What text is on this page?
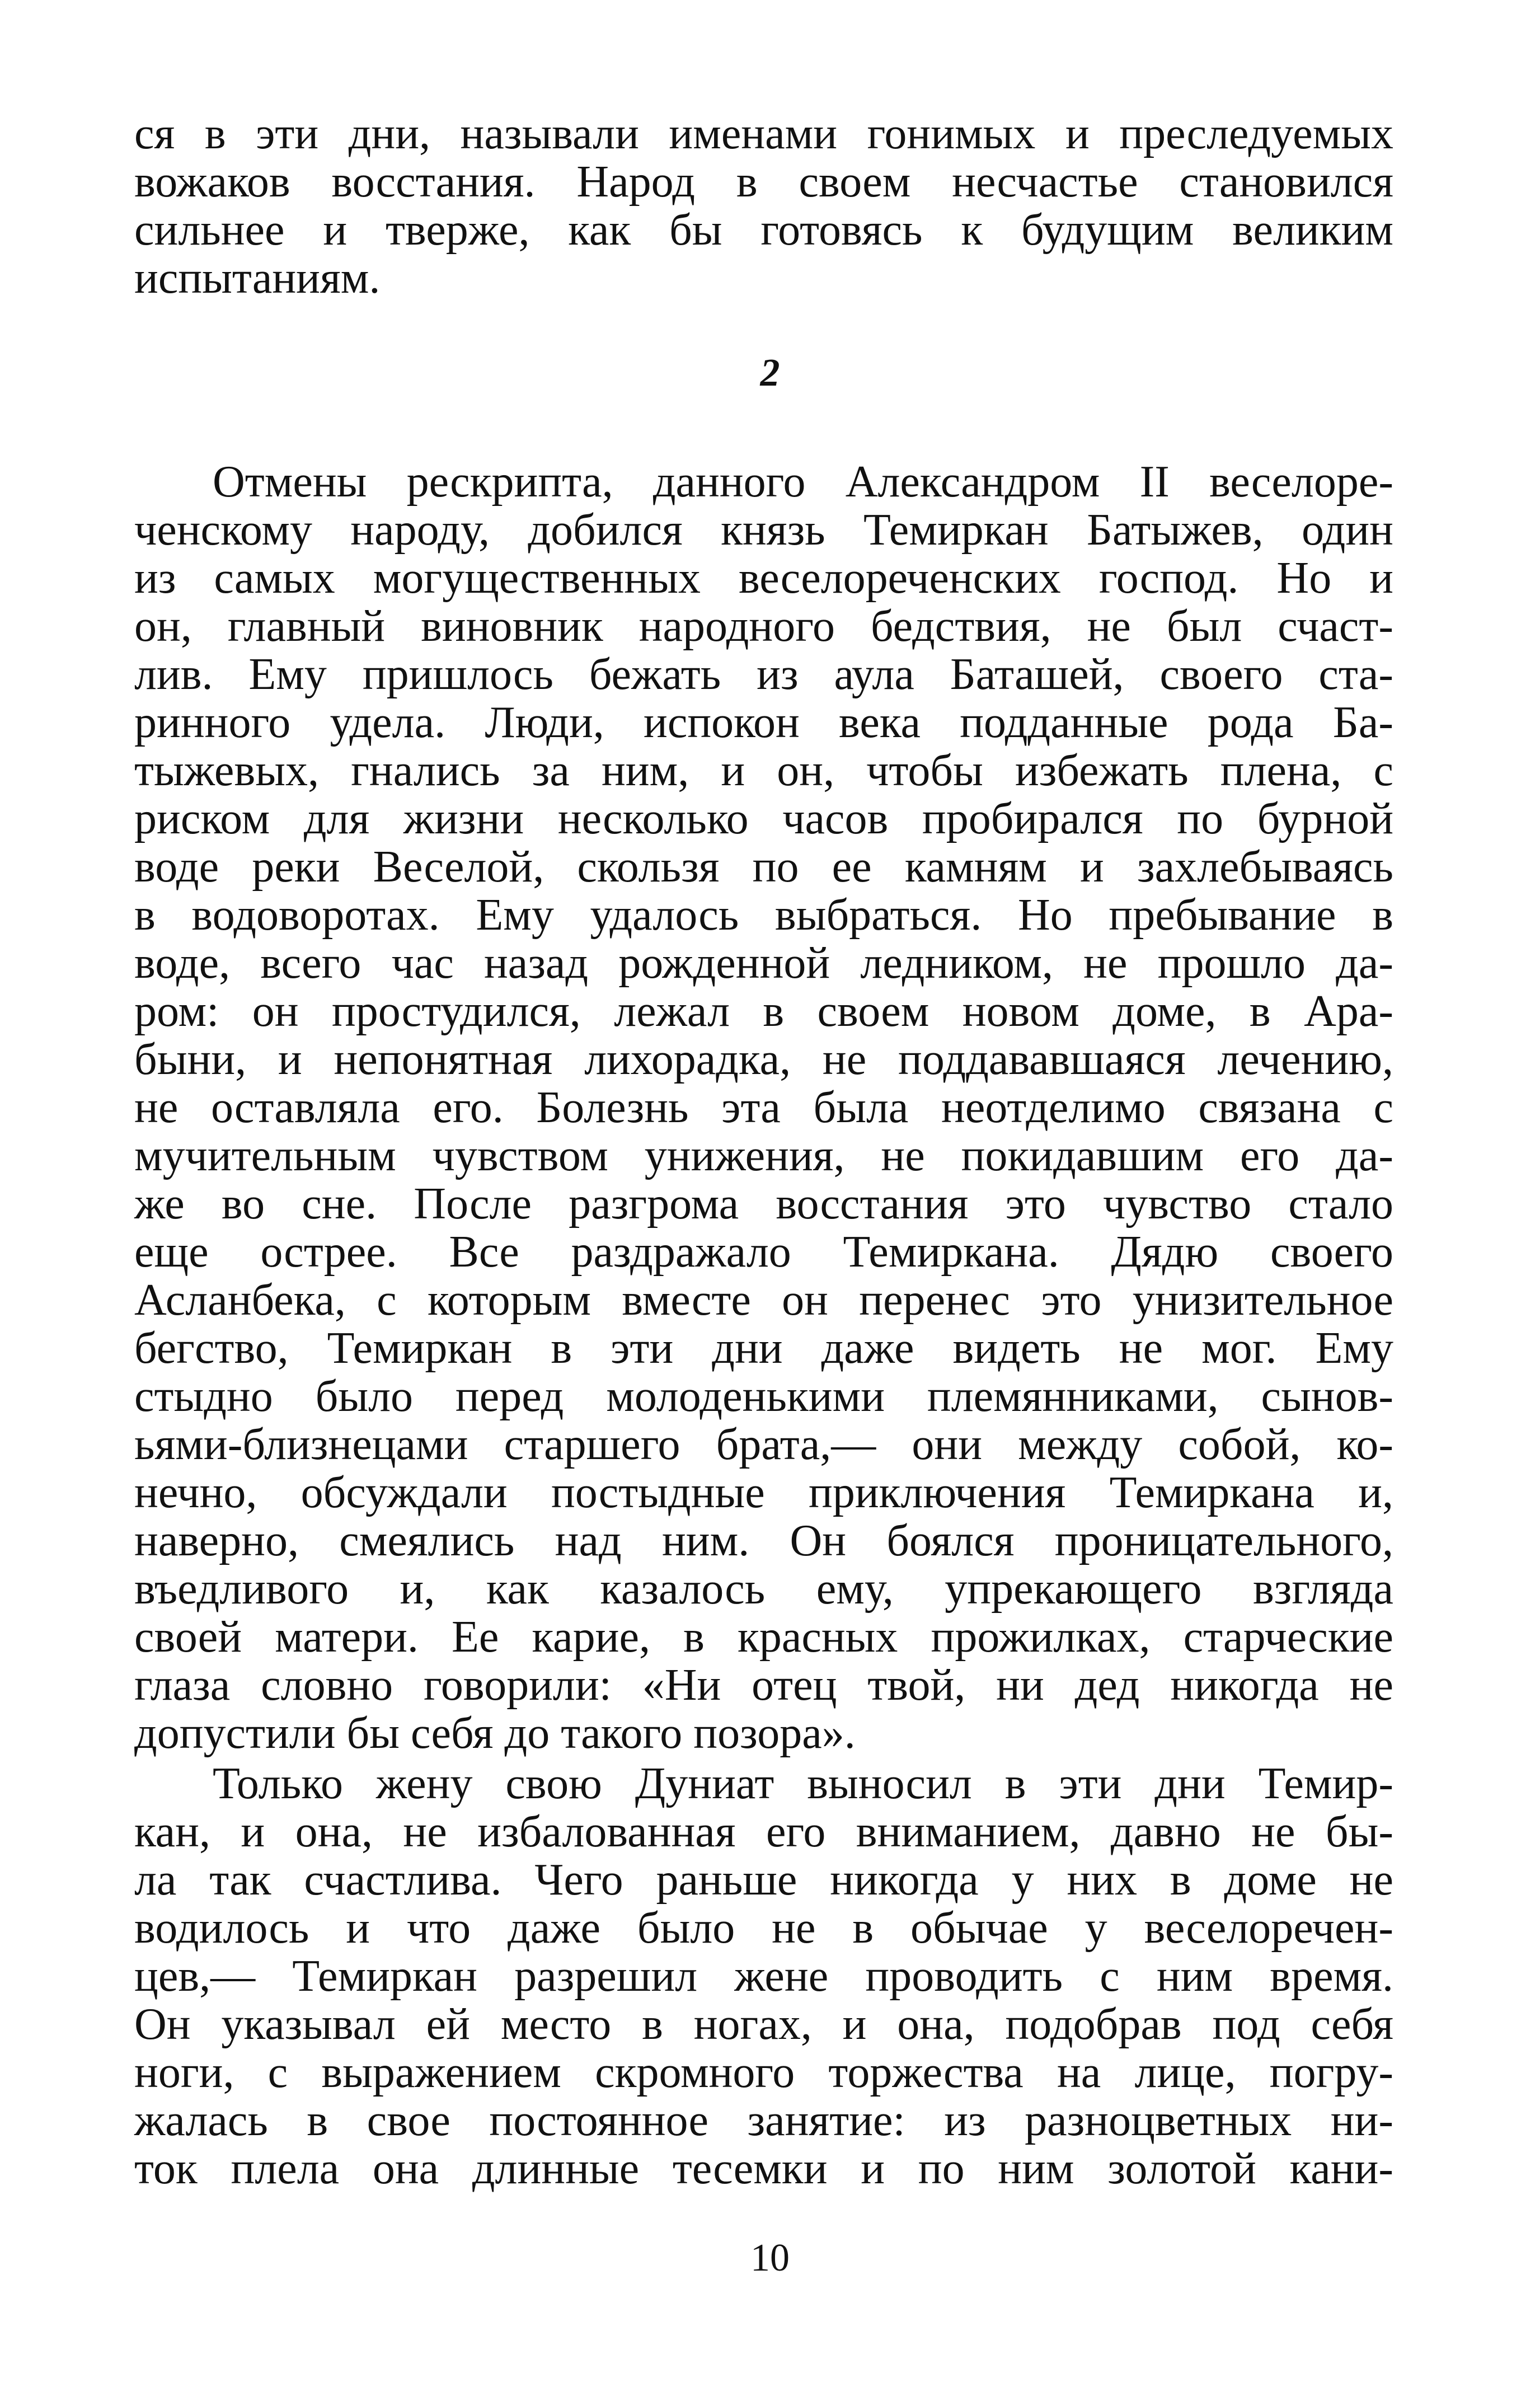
ся в эти дни, называли именами гонимых и преследуемых
вожаков восстания. Народ в своем несчастье становился
сильнее и тверже, как бы готовясь к будущим великим
испытаниям.
2
Отмены рескрипта, данного Александром II веселоре-
ченскому народу, добился князь Темиркан Батыжев, один
из самых могущественных веселореченских господ. Но и
он, главный виновник народного бедствия, не был счаст-
лив. Ему пришлось бежать из аула Баташей, своего ста-
ринного удела. Люди, испокон века подданные рода Ба-
тыжевых, гнались за ним, и он, чтобы избежать плена, с
риском для жизни несколько часов пробирался по бурной
воде реки Веселой, скользя по ее камням и захлебываясь
в водоворотах. Ему удалось выбраться. Но пребывание в
воде, всего час назад рожденной ледником, не прошло да-
ром: он простудился, лежал в своем новом доме, в Ара-
быни, и непонятная лихорадка, не поддававшаяся лечению,
не оставляла его. Болезнь эта была неотделимо связана с
мучительным чувством унижения, не покидавшим его да-
же во сне. После разгрома восстания это чувство стало
еще острее. Все раздражало Темиркана. Дядю своего
Асланбека, с которым вместе он перенес это унизительное
бегство, Темиркан в эти дни даже видеть не мог. Ему
стыдно было перед молоденькими племянниками, сынов-
ьями-близнецами старшего брата,— они между собой, ко-
нечно, обсуждали постыдные приключения Темиркана и,
наверно, смеялись над ним. Он боялся проницательного,
въедливого и, как казалось ему, упрекающего взгляда
своей матери. Ее карие, в красных прожилках, старческие
глаза словно говорили: «Ни отец твой, ни дед никогда не
допустили бы себя до такого позора».
Только жену свою Дуниат выносил в эти дни Темир-
кан, и она, не избалованная его вниманием, давно не бы-
ла так счастлива. Чего раньше никогда у них в доме не
водилось и что даже было не в обычае у веселоречен-
цев,— Темиркан разрешил жене проводить с ним время.
Он указывал ей место в ногах, и она, подобрав под себя
ноги, с выражением скромного торжества на лице, погру-
жалась в свое постоянное занятие: из разноцветных ни-
ток плела она длинные тесемки и по ним золотой кани-
10
